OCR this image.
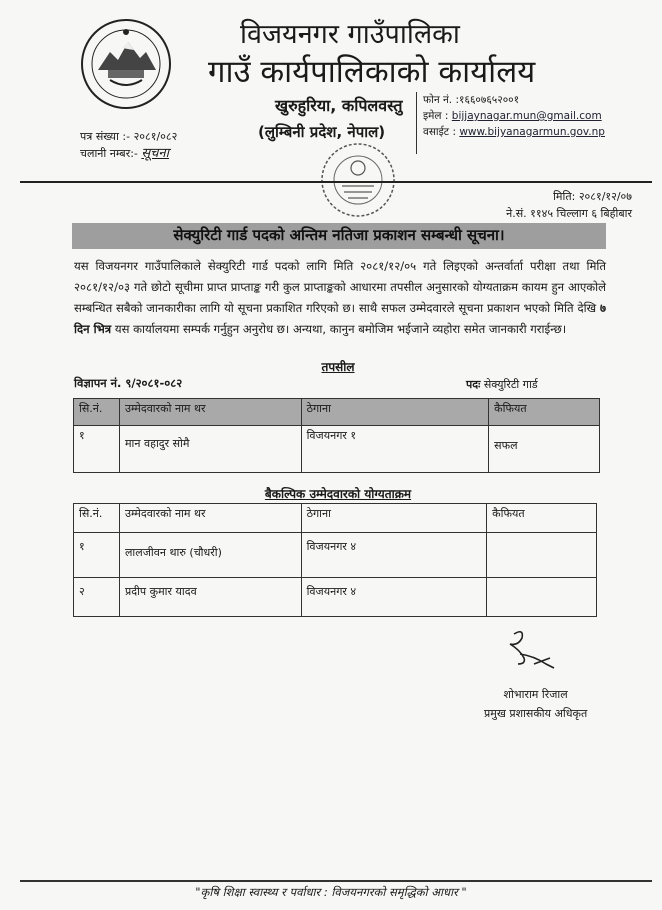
विजयनगर गाउँपालिका
गाउँ कार्यपालिकाको कार्यालय
खुरुहुरिया, कपिलवस्तु
(लुम्बिनी प्रदेश, नेपाल)
फोन नं. :१६६०७६५२००१
इमेल : bijjaynagar.mun@gmail.com
वसाईट : www.bijyanagarmun.gov.np
पत्र संख्या :- २०८१/०८२
चलानी नम्बर:- सूचना
मिति: २०८१/१२/०७
ने.सं. ११४५ चिल्लाग ६ बिहीबार
सेक्युरिटी गार्ड पदको अन्तिम नतिजा प्रकाशन सम्बन्धी सूचना।
यस विजयनगर गाउँपालिकाले सेक्युरिटी गार्ड पदको लागि मिति २०८१/१२/०५ गते लिइएको अन्तर्वार्ता परीक्षा तथा मिति २०८१/१२/०३ गते छोटो सूचीमा प्राप्त प्राप्ताङ्क गरी कुल प्राप्ताङ्कको आधारमा तपसील अनुसारको योग्यताक्रम कायम हुन आएकोले सम्बन्धित सबैको जानकारीका लागि यो सूचना प्रकाशित गरिएको छ। साथै सफल उम्मेदवारले सूचना प्रकाशन भएको मिति देखि ७ दिन भित्र यस कार्यालयमा सम्पर्क गर्नुहुन अनुरोध छ। अन्यथा, कानुन बमोजिम भईजाने व्यहोरा समेत जानकारी गराईन्छ।
तपसील
विज्ञापन नं. ९/२०८१-०८२	पदः सेक्युरिटी गार्ड
सि.नं.	उम्मेदवारको नाम थर	ठेगाना	कैफियत
१	मान वहादुर सोमै	विजयनगर १	सफल
बैकल्पिक उम्मेदवारको योग्यताक्रम
सि.नं.	उम्मेदवारको नाम थर	ठेगाना	कैफियत
१	लालजीवन थारु (चौधरी)	विजयनगर ४	
२	प्रदीप कुमार यादव	विजयनगर ४	
शोभाराम रिजाल
प्रमुख प्रशासकीय अधिकृत
"कृषि शिक्षा स्वास्थ्य र पर्वाधार : विजयनगरको समृद्धिको आधार "
